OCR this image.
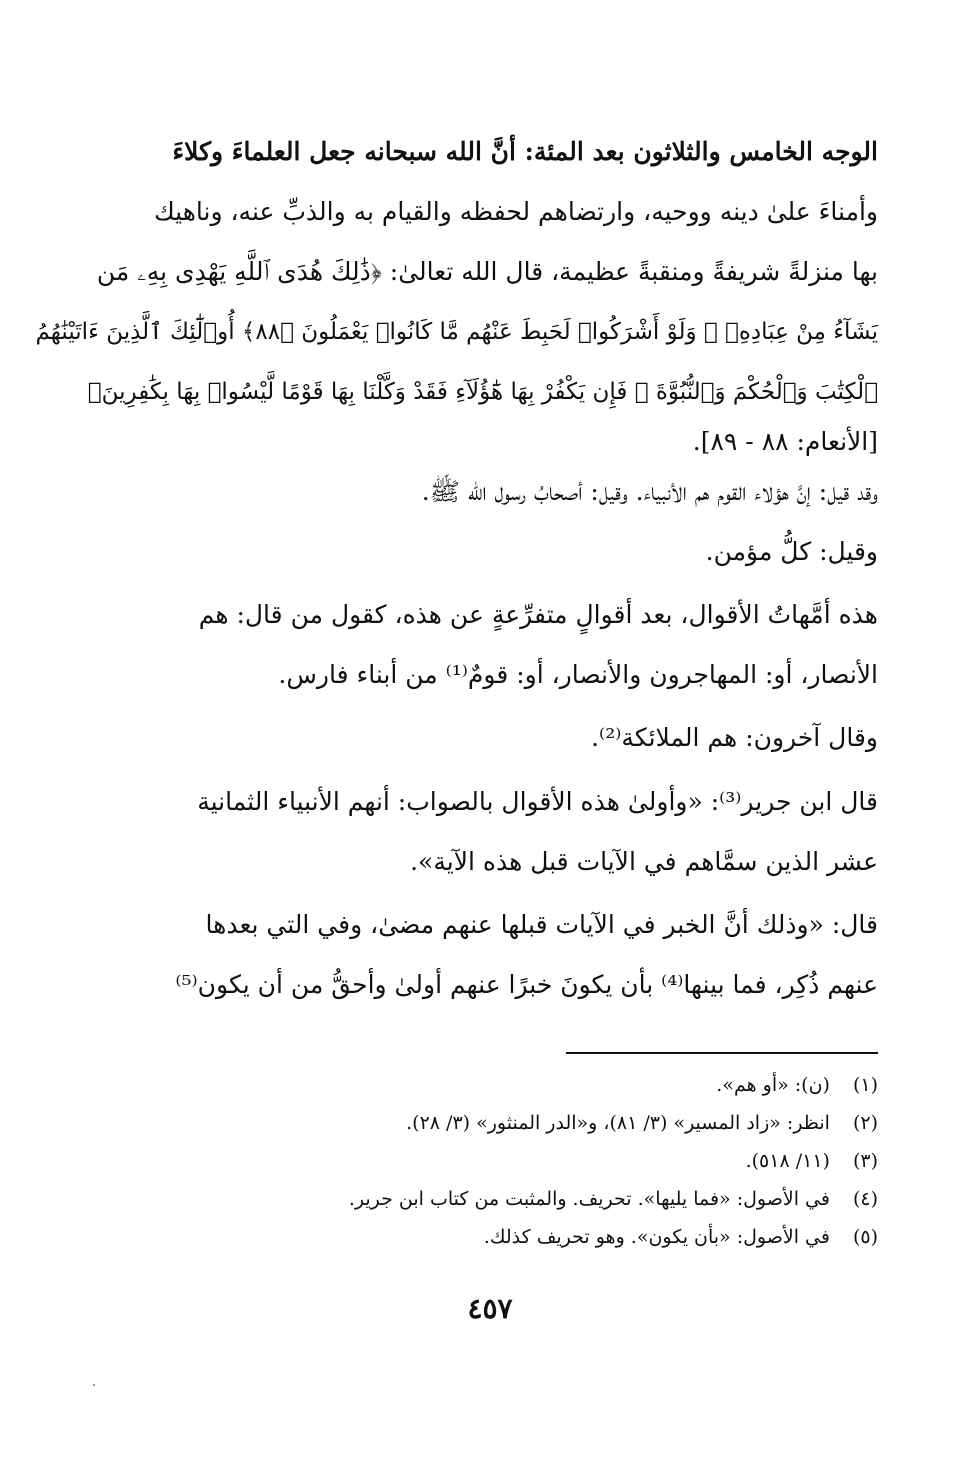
الوجه الخامس والثلاثون بعد المئة: أنَّ الله سبحانه جعل العلماءَ وكلاءَ
وأمناءَ علىٰ دينه ووحيه، وارتضاهم لحفظه والقيام به والذبِّ عنه، وناهيك
بها منزلةً شريفةً ومنقبةً عظيمة، قال الله تعالىٰ: ﴿ذَٰلِكَ هُدَى ٱللَّهِ يَهْدِى بِهِۦ مَن
يَشَآءُ مِنْ عِبَادِهِۦ ۚ وَلَوْ أَشْرَكُوا۟ لَحَبِطَ عَنْهُم مَّا كَانُوا۟ يَعْمَلُونَ ﴿٨٨﴾ أُو۟لَٰٓئِكَ ٱلَّذِينَ ءَاتَيْنَٰهُمُ
ٱلْكِتَٰبَ وَٱلْحُكْمَ وَٱلنُّبُوَّةَ ۚ فَإِن يَكْفُرْ بِهَا هَٰٓؤُلَآءِ فَقَدْ وَكَّلْنَا بِهَا قَوْمًا لَّيْسُوا۟ بِهَا بِكَٰفِرِينَ﴾
[الأنعام: ٨٨ - ٨٩].
وقد قيل: إنَّ هؤلاء القوم هم الأنبياء. وقيل: أصحابُ رسول الله ﷺ.
وقيل: كلُّ مؤمن.
هذه أمَّهاتُ الأقوال، بعد أقوالٍ متفرِّعةٍ عن هذه، كقول من قال: هم
الأنصار، أو: المهاجرون والأنصار، أو: قومٌ⁽¹⁾ من أبناء فارس.
وقال آخرون: هم الملائكة⁽²⁾.
قال ابن جرير⁽³⁾: «وأولىٰ هذه الأقوال بالصواب: أنهم الأنبياء الثمانية
عشر الذين سمَّاهم في الآيات قبل هذه الآية».
قال: «وذلك أنَّ الخبر في الآيات قبلها عنهم مضىٰ، وفي التي بعدها
عنهم ذُكِر، فما بينها⁽⁴⁾ بأن يكونَ خبرًا عنهم أولىٰ وأحقُّ من أن يكون⁽⁵⁾
(١) (ن): «أو هم».
(٢) انظر: «زاد المسير» (٣/ ٨١)، و«الدر المنثور» (٣/ ٢٨).
(٣) (١١/ ٥١٨).
(٤) في الأصول: «فما يليها». تحريف. والمثبت من كتاب ابن جرير.
(٥) في الأصول: «بأن يكون». وهو تحريف كذلك.
٤٥٧
